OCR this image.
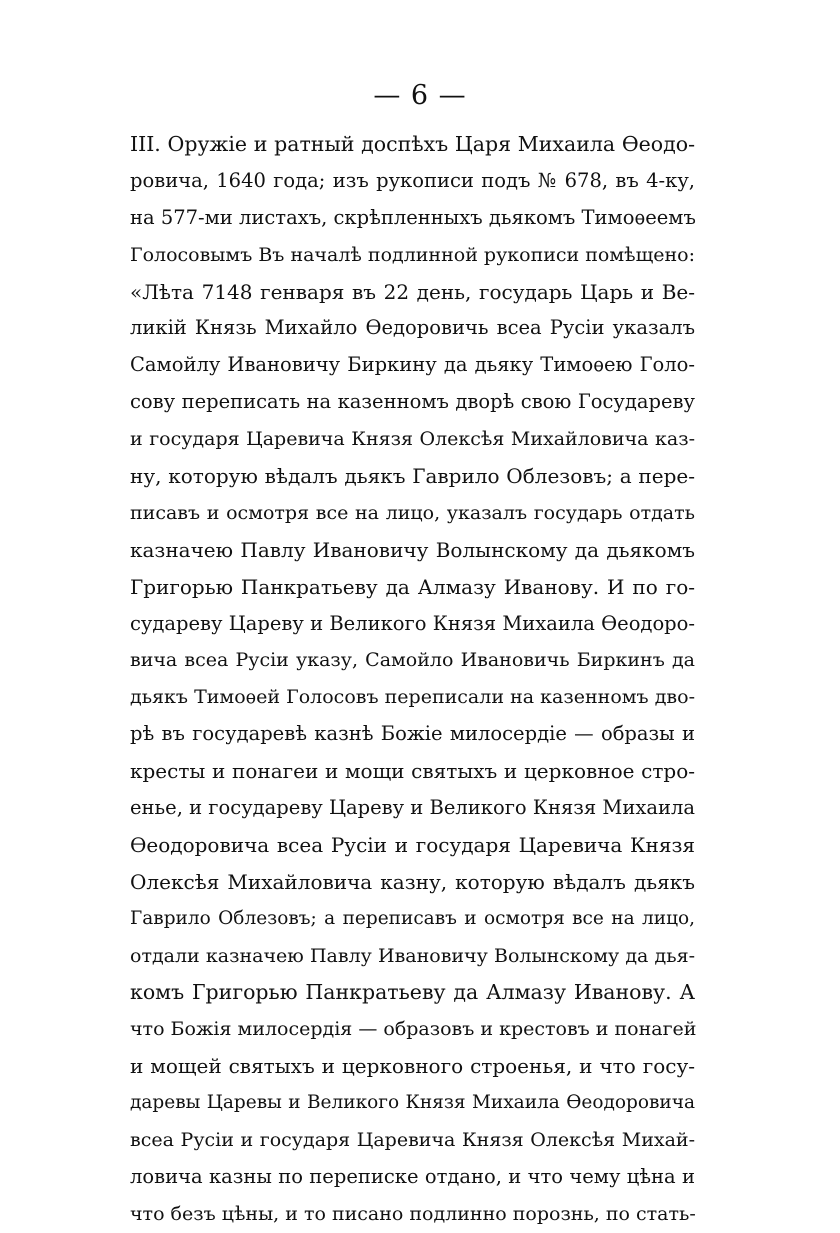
— 6 —
III. Оружіе и ратный доспѣхъ Царя Михаила Ѳеодо-
ровича, 1640 года; изъ рукописи подъ № 678, въ 4-ку,
на 577-ми листахъ, скрѣпленныхъ дьякомъ Тимоѳеемъ
Голосовымъ Въ началѣ подлинной рукописи помѣщено:
«Лѣта 7148 генваря въ 22 день, государь Царь и Ве-
ликій Князь Михайло Ѳедоровичь всеа Русіи указалъ
Самойлу Ивановичу Биркину да дьяку Тимоѳею Голо-
сову переписать на казенномъ дворѣ свою Государеву
и государя Царевича Князя Олексѣя Михайловича каз-
ну, которую вѣдалъ дьякъ Гаврило Облезовъ; а пере-
писавъ и осмотря все на лицо, указалъ государь отдать
казначею Павлу Ивановичу Волынскому да дьякомъ
Григорью Панкратьеву да Алмазу Иванову. И по го-
судареву Цареву и Великого Князя Михаила Ѳеодоро-
вича всеа Русіи указу, Самойло Ивановичь Биркинъ да
дьякъ Тимоѳей Голосовъ переписали на казенномъ дво-
рѣ въ государевѣ казнѣ Божіе милосердіе — образы и
кресты и понагеи и мощи святыхъ и церковное стро-
енье, и государеву Цареву и Великого Князя Михаила
Ѳеодоровича всеа Русіи и государя Царевича Князя
Олексѣя Михайловича казну, которую вѣдалъ дьякъ
Гаврило Облезовъ; а переписавъ и осмотря все на лицо,
отдали казначею Павлу Ивановичу Волынскому да дья-
комъ Григорью Панкратьеву да Алмазу Иванову. А
что Божія милосердія — образовъ и крестовъ и понагей
и мощей святыхъ и церковного строенья, и что госу-
даревы Царевы и Великого Князя Михаила Ѳеодоровича
всеа Русіи и государя Царевича Князя Олексѣя Михай-
ловича казны по переписке отдано, и что чему цѣна и
что безъ цѣны, и то писано подлинно порознь, по стать-
